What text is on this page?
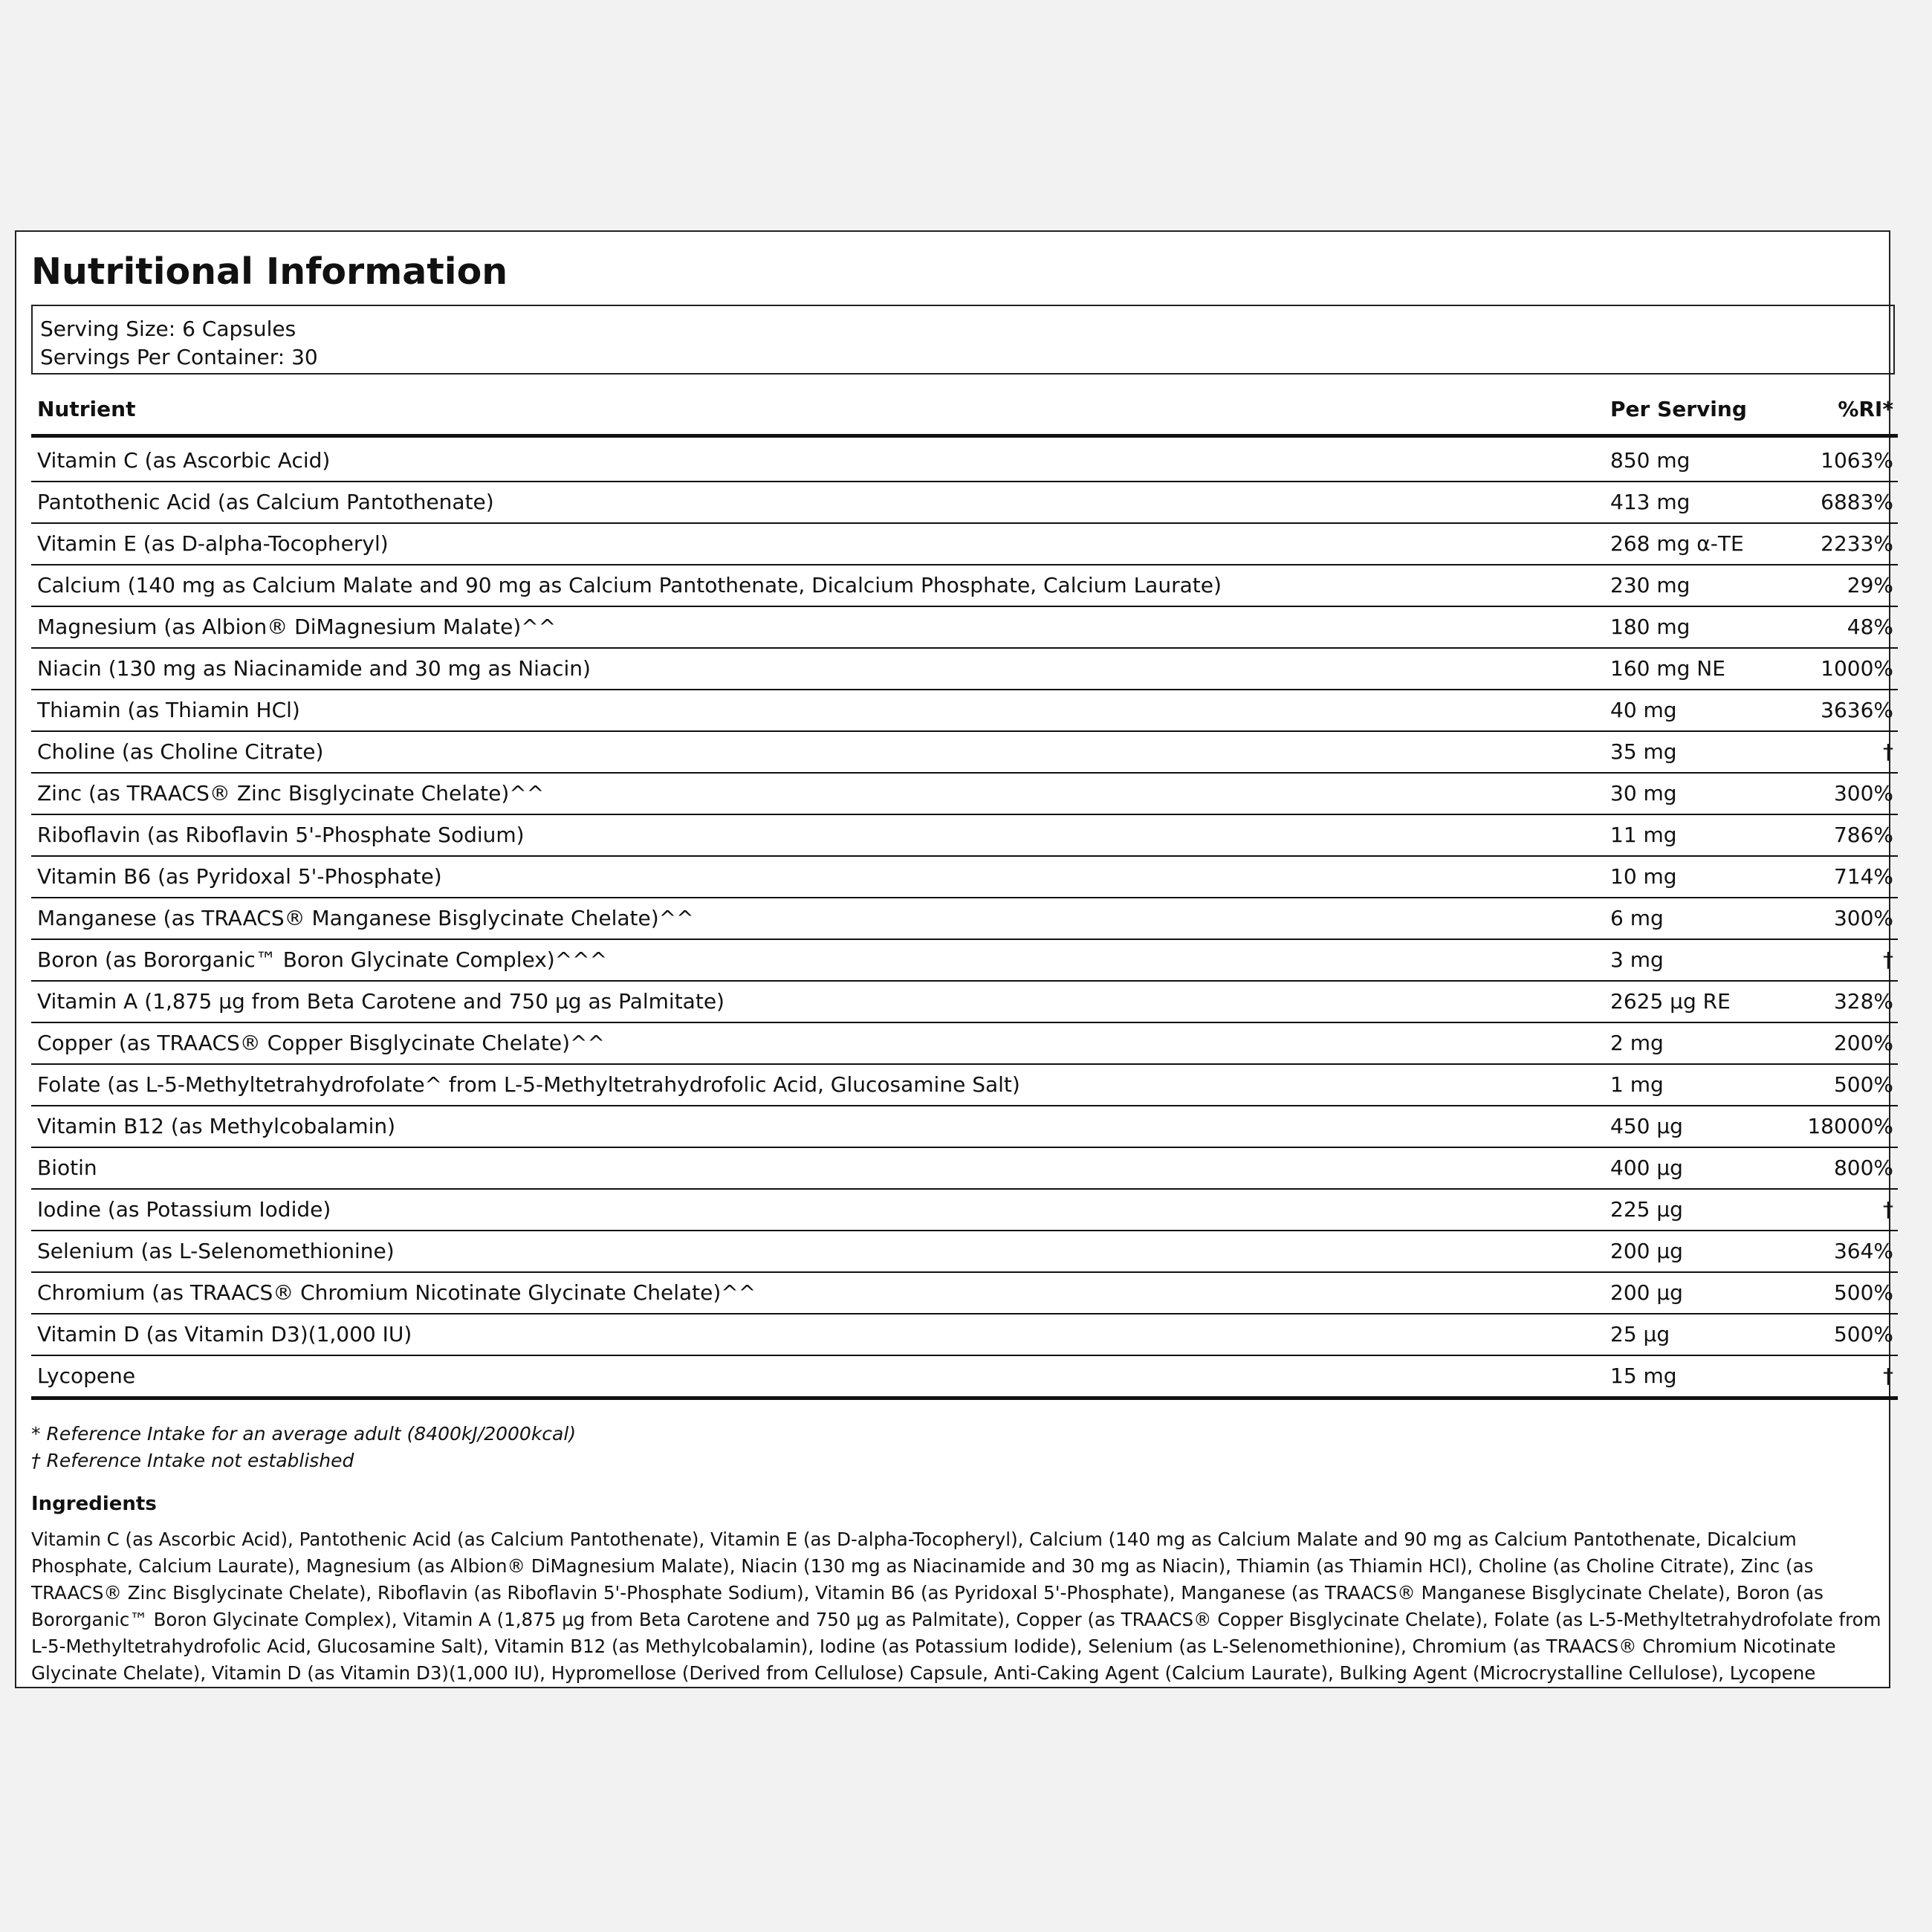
Nutritional Information
Serving Size: 6 Capsules
Servings Per Container: 30
Nutrient	Per Serving	%RI*
Vitamin C (as Ascorbic Acid)	850 mg	1063%
Pantothenic Acid (as Calcium Pantothenate)	413 mg	6883%
Vitamin E (as D-alpha-Tocopheryl)	268 mg α-TE	2233%
Calcium (140 mg as Calcium Malate and 90 mg as Calcium Pantothenate, Dicalcium Phosphate, Calcium Laurate)	230 mg	29%
Magnesium (as Albion® DiMagnesium Malate)^^	180 mg	48%
Niacin (130 mg as Niacinamide and 30 mg as Niacin)	160 mg NE	1000%
Thiamin (as Thiamin HCl)	40 mg	3636%
Choline (as Choline Citrate)	35 mg	†
Zinc (as TRAACS® Zinc Bisglycinate Chelate)^^	30 mg	300%
Riboflavin (as Riboflavin 5'-Phosphate Sodium)	11 mg	786%
Vitamin B6 (as Pyridoxal 5'-Phosphate)	10 mg	714%
Manganese (as TRAACS® Manganese Bisglycinate Chelate)^^	6 mg	300%
Boron (as Bororganic™ Boron Glycinate Complex)^^^	3 mg	†
Vitamin A (1,875 µg from Beta Carotene and 750 µg as Palmitate)	2625 µg RE	328%
Copper (as TRAACS® Copper Bisglycinate Chelate)^^	2 mg	200%
Folate (as L-5-Methyltetrahydrofolate^ from L-5-Methyltetrahydrofolic Acid, Glucosamine Salt)	1 mg	500%
Vitamin B12 (as Methylcobalamin)	450 µg	18000%
Biotin	400 µg	800%
Iodine (as Potassium Iodide)	225 µg	†
Selenium (as L-Selenomethionine)	200 µg	364%
Chromium (as TRAACS® Chromium Nicotinate Glycinate Chelate)^^	200 µg	500%
Vitamin D (as Vitamin D3)(1,000 IU)	25 µg	500%
Lycopene	15 mg	†
* Reference Intake for an average adult (8400kJ/2000kcal)
† Reference Intake not established
Ingredients

Vitamin C (as Ascorbic Acid), Pantothenic Acid (as Calcium Pantothenate), Vitamin E (as D-alpha-Tocopheryl), Calcium (140 mg as Calcium Malate and 90 mg as Calcium Pantothenate, Dicalcium Phosphate, Calcium Laurate), Magnesium (as Albion® DiMagnesium Malate), Niacin (130 mg as Niacinamide and 30 mg as Niacin), Thiamin (as Thiamin HCl), Choline (as Choline Citrate), Zinc (as TRAACS® Zinc Bisglycinate Chelate), Riboflavin (as Riboflavin 5'-Phosphate Sodium), Vitamin B6 (as Pyridoxal 5'-Phosphate), Manganese (as TRAACS® Manganese Bisglycinate Chelate), Boron (as Bororganic™ Boron Glycinate Complex), Vitamin A (1,875 µg from Beta Carotene and 750 µg as Palmitate), Copper (as TRAACS® Copper Bisglycinate Chelate), Folate (as L-5-Methyltetrahydrofolate from L-5-Methyltetrahydrofolic Acid, Glucosamine Salt), Vitamin B12 (as Methylcobalamin), Iodine (as Potassium Iodide), Selenium (as L-Selenomethionine), Chromium (as TRAACS® Chromium Nicotinate Glycinate Chelate), Vitamin D (as Vitamin D3)(1,000 IU), Hypromellose (Derived from Cellulose) Capsule, Anti-Caking Agent (Calcium Laurate), Bulking Agent (Microcrystalline Cellulose), Lycopene
